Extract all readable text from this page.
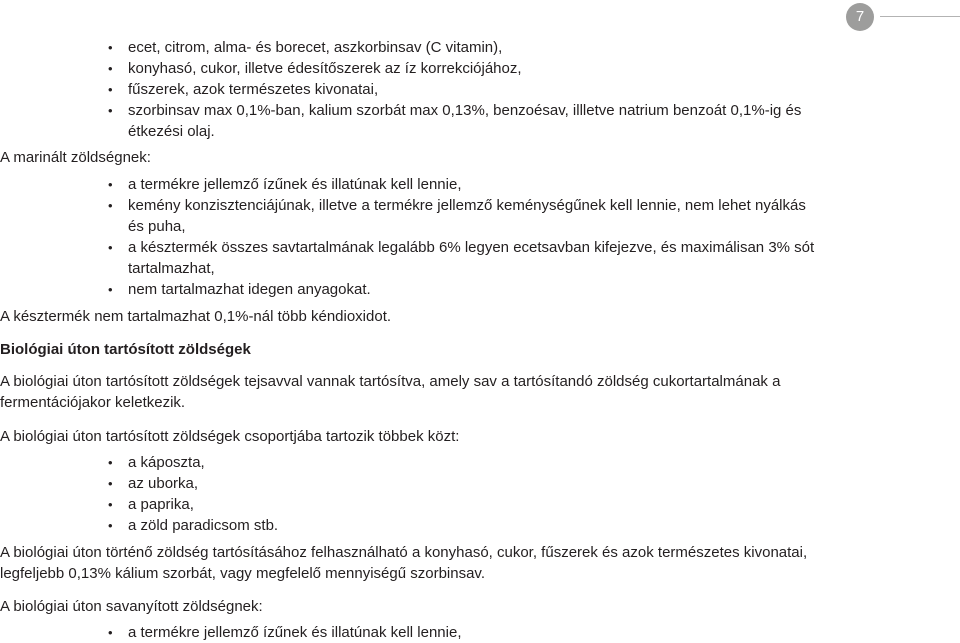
7
• ecet, citrom, alma- és borecet, aszkorbinsav (C vitamin),
• konyhasó, cukor, illetve édesítőszerek az íz korrekciójához,
• fűszerek, azok természetes kivonatai,
• szorbinsav max 0,1%-ban, kalium szorbát max 0,13%, benzoésav, illletve natrium benzoát 0,1%-ig és
étkezési olaj.
A marinált zöldségnek:
• a termékre jellemző ízűnek és illatúnak kell lennie,
• kemény konzisztenciájúnak, illetve a termékre jellemző keménységűnek kell lennie, nem lehet nyálkás
és puha,
• a késztermék összes savtartalmának legalább 6% legyen ecetsavban kifejezve, és maximálisan 3% sót
tartalmazhat,
• nem tartalmazhat idegen anyagokat.
A késztermék nem tartalmazhat 0,1%-nál több kéndioxidot.
Biológiai úton tartósított zöldségek
A biológiai úton tartósított zöldségek tejsavval vannak tartósítva, amely sav a tartósítandó zöldség cukortartalmának a
fermentációjakor keletkezik.
A biológiai úton tartósított zöldségek csoportjába tartozik többek közt:
• a káposzta,
• az uborka,
• a paprika,
• a zöld paradicsom stb.
A biológiai úton történő zöldség tartósításához felhasználható a konyhasó, cukor, fűszerek és azok természetes kivonatai,
legfeljebb 0,13% kálium szorbát, vagy megfelelő mennyiségű szorbinsav.
A biológiai úton savanyított zöldségnek:
• a termékre jellemző ízűnek és illatúnak kell lennie,
